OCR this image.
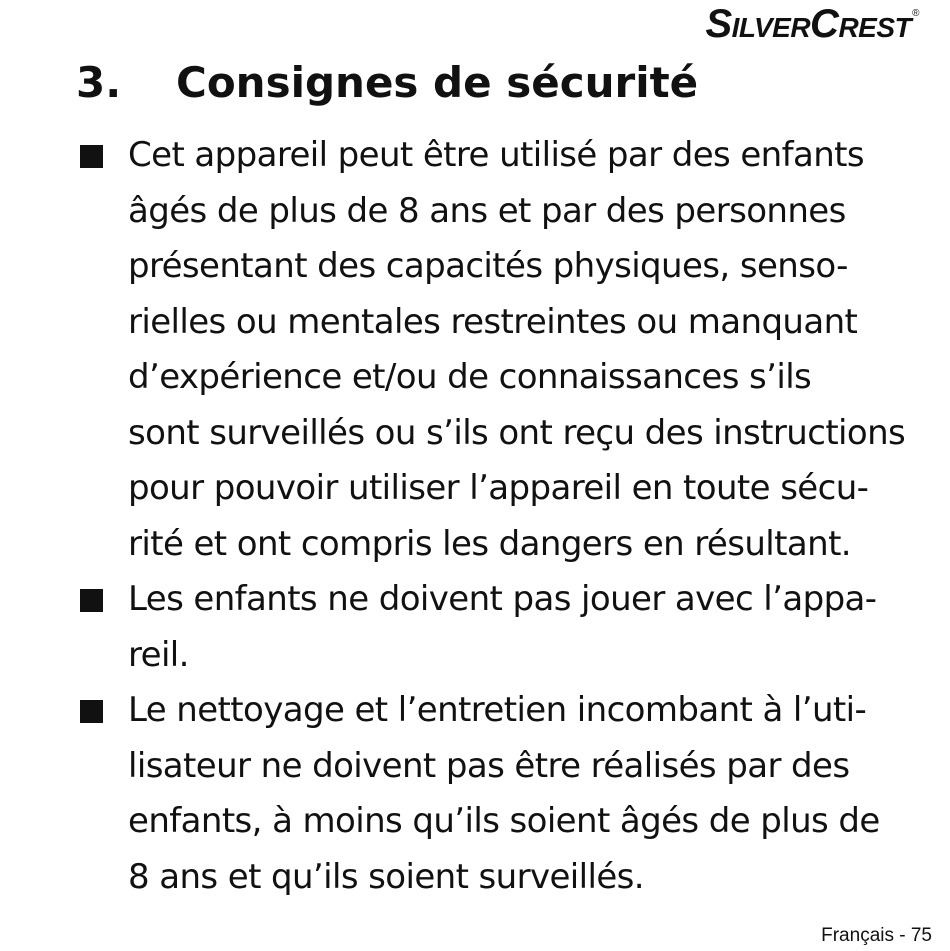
SilverCrest®
3. Consignes de sécurité
Cet appareil peut être utilisé par des enfants
âgés de plus de 8 ans et par des personnes
présentant des capacités physiques, senso-
rielles ou mentales restreintes ou manquant
d’expérience et/ou de connaissances s’ils
sont surveillés ou s’ils ont reçu des instructions
pour pouvoir utiliser l’appareil en toute sécu-
rité et ont compris les dangers en résultant.
Les enfants ne doivent pas jouer avec l’appa-
reil.
Le nettoyage et l’entretien incombant à l’uti-
lisateur ne doivent pas être réalisés par des
enfants, à moins qu’ils soient âgés de plus de
8 ans et qu’ils soient surveillés.
Français - 75
